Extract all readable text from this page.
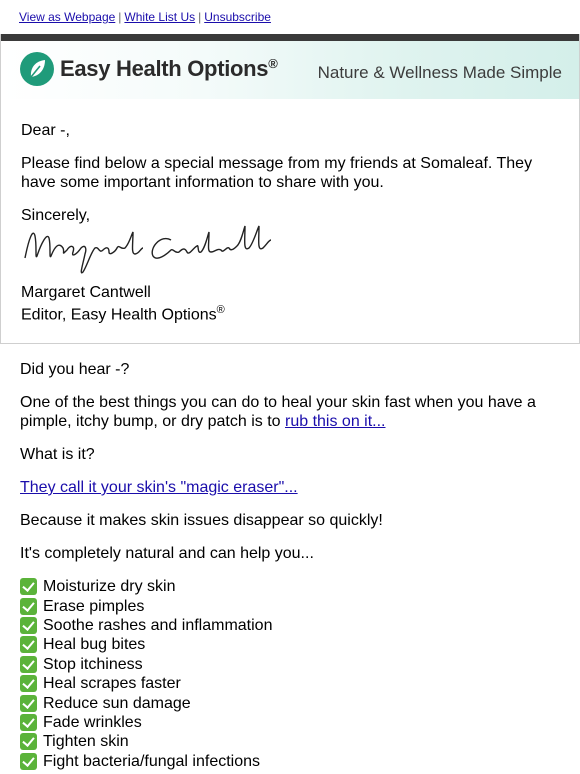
View as Webpage | White List Us | Unsubscribe
Easy Health Options® Nature & Wellness Made Simple

Dear -,

Please find below a special message from my friends at Somaleaf. They have some important information to share with you.

Sincerely,

Margaret Cantwell
Editor, Easy Health Options®

Did you hear -?

One of the best things you can do to heal your skin fast when you have a pimple, itchy bump, or dry patch is to rub this on it...

What is it?

They call it your skin's "magic eraser"...

Because it makes skin issues disappear so quickly!

It's completely natural and can help you...

Moisturize dry skin
Erase pimples
Soothe rashes and inflammation
Heal bug bites
Stop itchiness
Heal scrapes faster
Reduce sun damage
Fade wrinkles
Tighten skin
Fight bacteria/fungal infections
